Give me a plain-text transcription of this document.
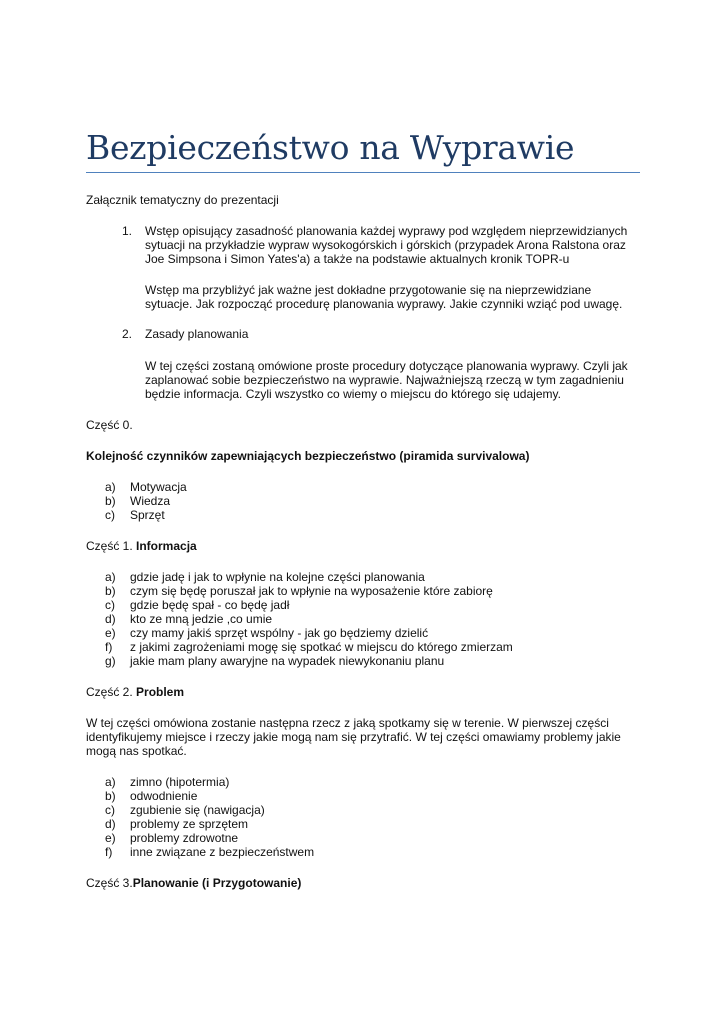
Bezpieczeństwo na Wyprawie
Załącznik tematyczny do prezentacji
1. Wstęp opisujący zasadność planowania każdej wyprawy pod względem nieprzewidzianych
sytuacji na przykładzie wypraw wysokogórskich i górskich (przypadek Arona Ralstona oraz
Joe Simpsona i Simon Yates'a) a także na podstawie aktualnych kronik TOPR-u
Wstęp ma przybliżyć jak ważne jest dokładne przygotowanie się na nieprzewidziane
sytuacje. Jak rozpocząć procedurę planowania wyprawy. Jakie czynniki wziąć pod uwagę.
2. Zasady planowania
W tej części zostaną omówione proste procedury dotyczące planowania wyprawy. Czyli jak
zaplanować sobie bezpieczeństwo na wyprawie. Najważniejszą rzeczą w tym zagadnieniu
będzie informacja. Czyli wszystko co wiemy o miejscu do którego się udajemy.
Część 0.
Kolejność czynników zapewniających bezpieczeństwo (piramida survivalowa)
a) Motywacja
b) Wiedza
c) Sprzęt
Część 1. Informacja
a) gdzie jadę i jak to wpłynie na kolejne części planowania
b) czym się będę poruszał jak to wpłynie na wyposażenie które zabiorę
c) gdzie będę spał - co będę jadł
d) kto ze mną jedzie ,co umie
e) czy mamy jakiś sprzęt wspólny - jak go będziemy dzielić
f) z jakimi zagrożeniami mogę się spotkać w miejscu do którego zmierzam
g) jakie mam plany awaryjne na wypadek niewykonaniu planu
Część 2. Problem
W tej części omówiona zostanie następna rzecz z jaką spotkamy się w terenie. W pierwszej części
identyfikujemy miejsce i rzeczy jakie mogą nam się przytrafić. W tej części omawiamy problemy jakie
mogą nas spotkać.
a) zimno (hipotermia)
b) odwodnienie
c) zgubienie się (nawigacja)
d) problemy ze sprzętem
e) problemy zdrowotne
f) inne związane z bezpieczeństwem
Część 3.Planowanie (i Przygotowanie)
